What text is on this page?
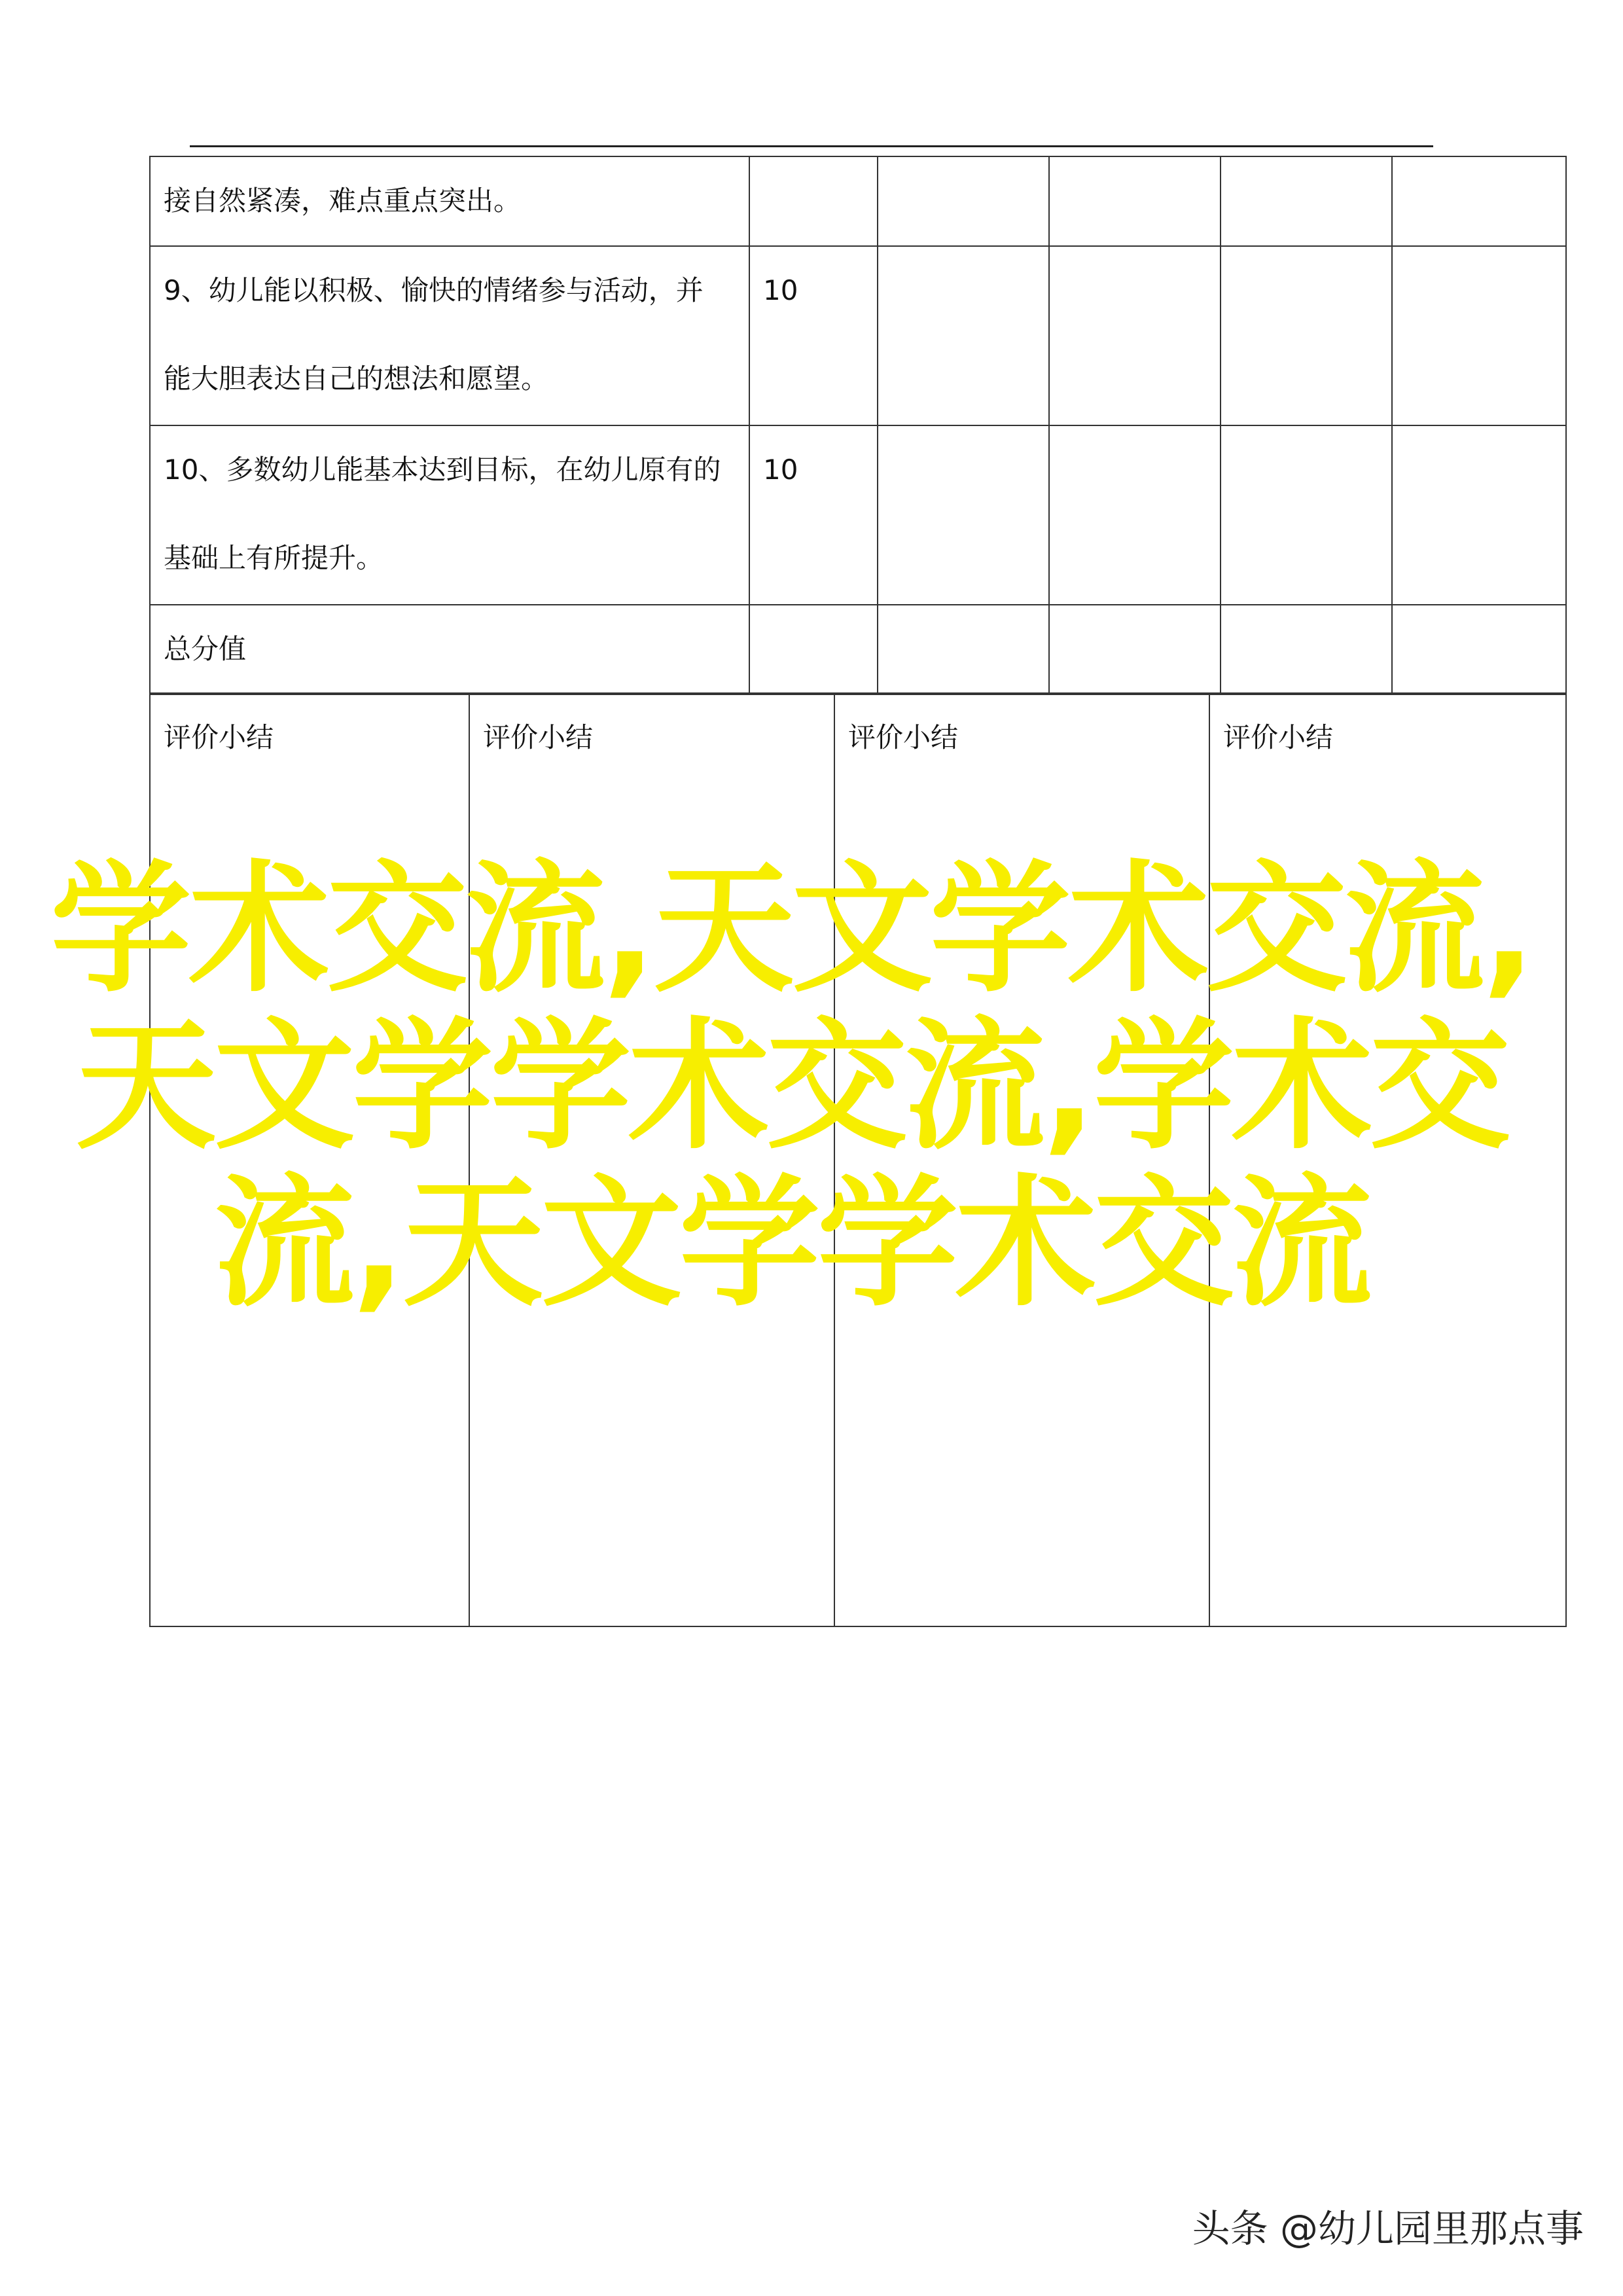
接自然紧凑，难点重点突出。					

9、幼儿能以积极、愉快的情绪参与活动，并
能大胆表达自己的想法和愿望。	10				

10、多数幼儿能基本达到目标，在幼儿原有的
基础上有所提升。	10				

总分值					

评价小结	评价小结	评价小结	评价小结
学术交流,天文学术交流,天文学学术交流,学术交流,天文学学术交流
头条 @幼儿园里那点事
